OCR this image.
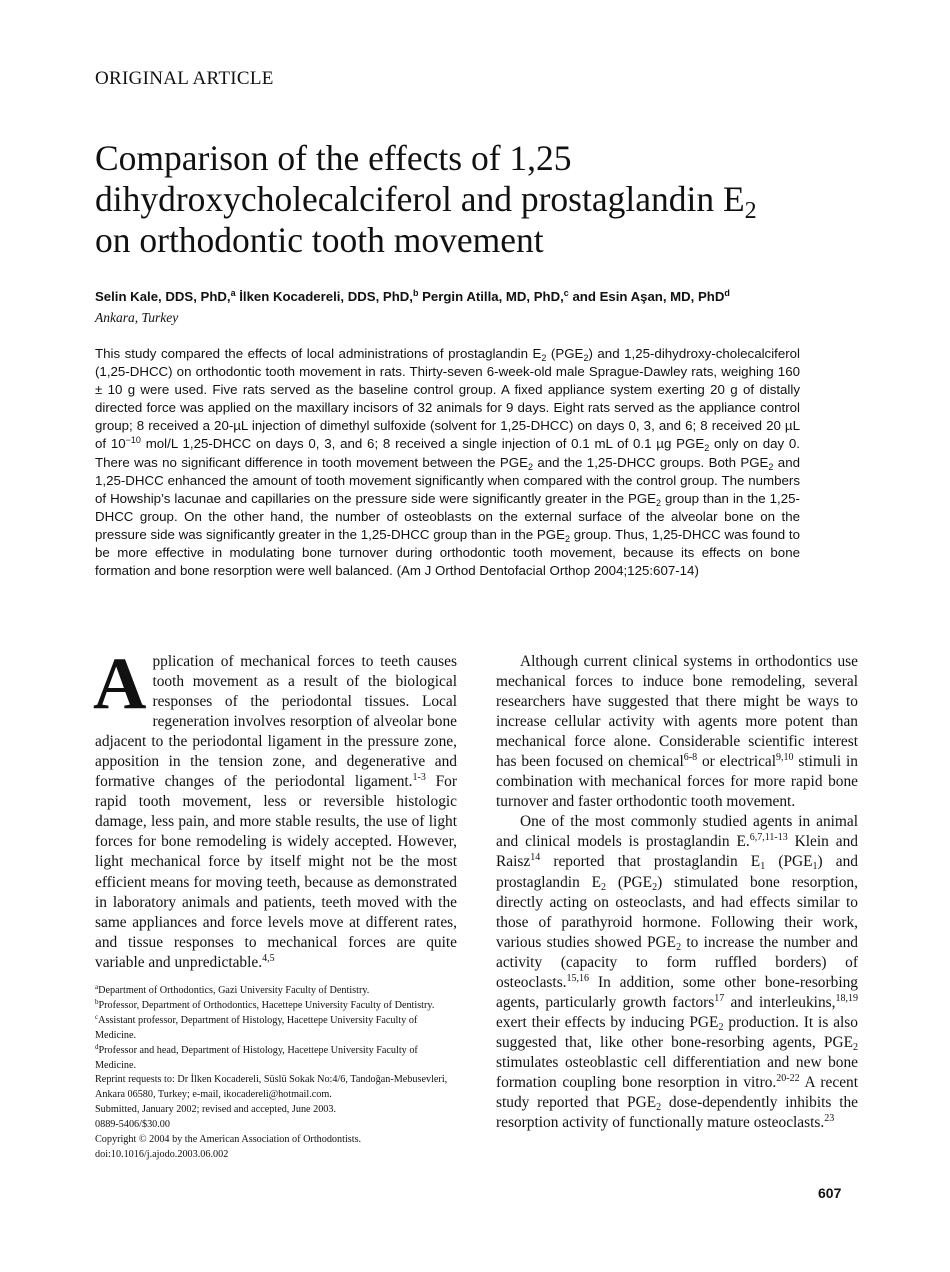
ORIGINAL ARTICLE
Comparison of the effects of 1,25
dihydroxycholecalciferol and prostaglandin $E_2$
on orthodontic tooth movement
Selin Kale, DDS, PhD,$^a$ İlken Kocadereli, DDS, PhD,$^b$ Pergin Atilla, MD, PhD,$^c$ and Esin Aşan, MD, PhD$^d$
Ankara, Turkey

This study compared the effects of local administrations of prostaglandin $E_2$ $(PGE_2)$ and 1,25-dihydroxy-cholecalciferol (1,25-DHCC) on orthodontic tooth movement in rats. Thirty-seven 6-week-old male Sprague-Dawley rats, weighing 160 ± 10 g were used. Five rats served as the baseline control group. A fixed appliance system exerting 20 g of distally directed force was applied on the maxillary incisors of 32 animals for 9 days. Eight rats served as the appliance control group; 8 received a 20-µL injection of dimethyl sulfoxide (solvent for 1,25-DHCC) on days 0, 3, and 6; 8 received 20 µL of $10^{-10}$ mol/L 1,25-DHCC on days 0, 3, and 6; 8 received a single injection of 0.1 mL of 0.1 µg $PGE_2$ only on day 0. There was no significant difference in tooth movement between the $PGE_2$ and the 1,25-DHCC groups. Both $PGE_2$ and 1,25-DHCC enhanced the amount of tooth movement significantly when compared with the control group. The numbers of Howship’s lacunae and capillaries on the pressure side were significantly greater in the $PGE_2$ group than in the 1,25-DHCC group. On the other hand, the number of osteoblasts on the external surface of the alveolar bone on the pressure side was significantly greater in the 1,25-DHCC group than in the $PGE_2$ group. Thus, 1,25-DHCC was found to be more effective in modulating bone turnover during orthodontic tooth movement, because its effects on bone formation and bone resorption were well balanced. (Am J Orthod Dentofacial Orthop 2004;125:607-14)

Application of mechanical forces to teeth causes tooth movement as a result of the biological responses of the periodontal tissues. Local regeneration involves resorption of alveolar bone adjacent to the periodontal ligament in the pressure zone, apposition in the tension zone, and degenerative and formative changes of the periodontal ligament.$^{1-3}$ For rapid tooth movement, less or reversible histologic damage, less pain, and more stable results, the use of light forces for bone remodeling is widely accepted. However, light mechanical force by itself might not be the most efficient means for moving teeth, because as demonstrated in laboratory animals and patients, teeth moved with the same appliances and force levels move at different rates, and tissue responses to mechanical forces are quite variable and unpredictable.$^{4,5}$

$^a$Department of Orthodontics, Gazi University Faculty of Dentistry.
$^b$Professor, Department of Orthodontics, Hacettepe University Faculty of Dentistry.
$^c$Assistant professor, Department of Histology, Hacettepe University Faculty of Medicine.
$^d$Professor and head, Department of Histology, Hacettepe University Faculty of Medicine.
Reprint requests to: Dr İlken Kocadereli, Süslü Sokak No:4/6, Tandoğan-Mebusevleri, Ankara 06580, Turkey; e-mail, ikocadereli@hotmail.com.
Submitted, January 2002; revised and accepted, June 2003.
0889-5406/$30.00
Copyright © 2004 by the American Association of Orthodontists.
doi:10.1016/j.ajodo.2003.06.002

Although current clinical systems in orthodontics use mechanical forces to induce bone remodeling, several researchers have suggested that there might be ways to increase cellular activity with agents more potent than mechanical force alone. Considerable scientific interest has been focused on chemical$^{6-8}$ or electrical$^{9,10}$ stimuli in combination with mechanical forces for more rapid bone turnover and faster orthodontic tooth movement.

One of the most commonly studied agents in animal and clinical models is prostaglandin E.$^{6,7,11-13}$ Klein and Raisz$^{14}$ reported that prostaglandin $E_1$ $(PGE_1)$ and prostaglandin $E_2$ $(PGE_2)$ stimulated bone resorption, directly acting on osteoclasts, and had effects similar to those of parathyroid hormone. Following their work, various studies showed $PGE_2$ to increase the number and activity (capacity to form ruffled borders) of osteoclasts.$^{15,16}$ In addition, some other bone-resorbing agents, particularly growth factors$^{17}$ and interleukins,$^{18,19}$ exert their effects by inducing $PGE_2$ production. It is also suggested that, like other bone-resorbing agents, $PGE_2$ stimulates osteoblastic cell differentiation and new bone formation coupling bone resorption in vitro.$^{20-22}$ A recent study reported that $PGE_2$ dose-dependently inhibits the resorption activity of functionally mature osteoclasts.$^{23}$

607
